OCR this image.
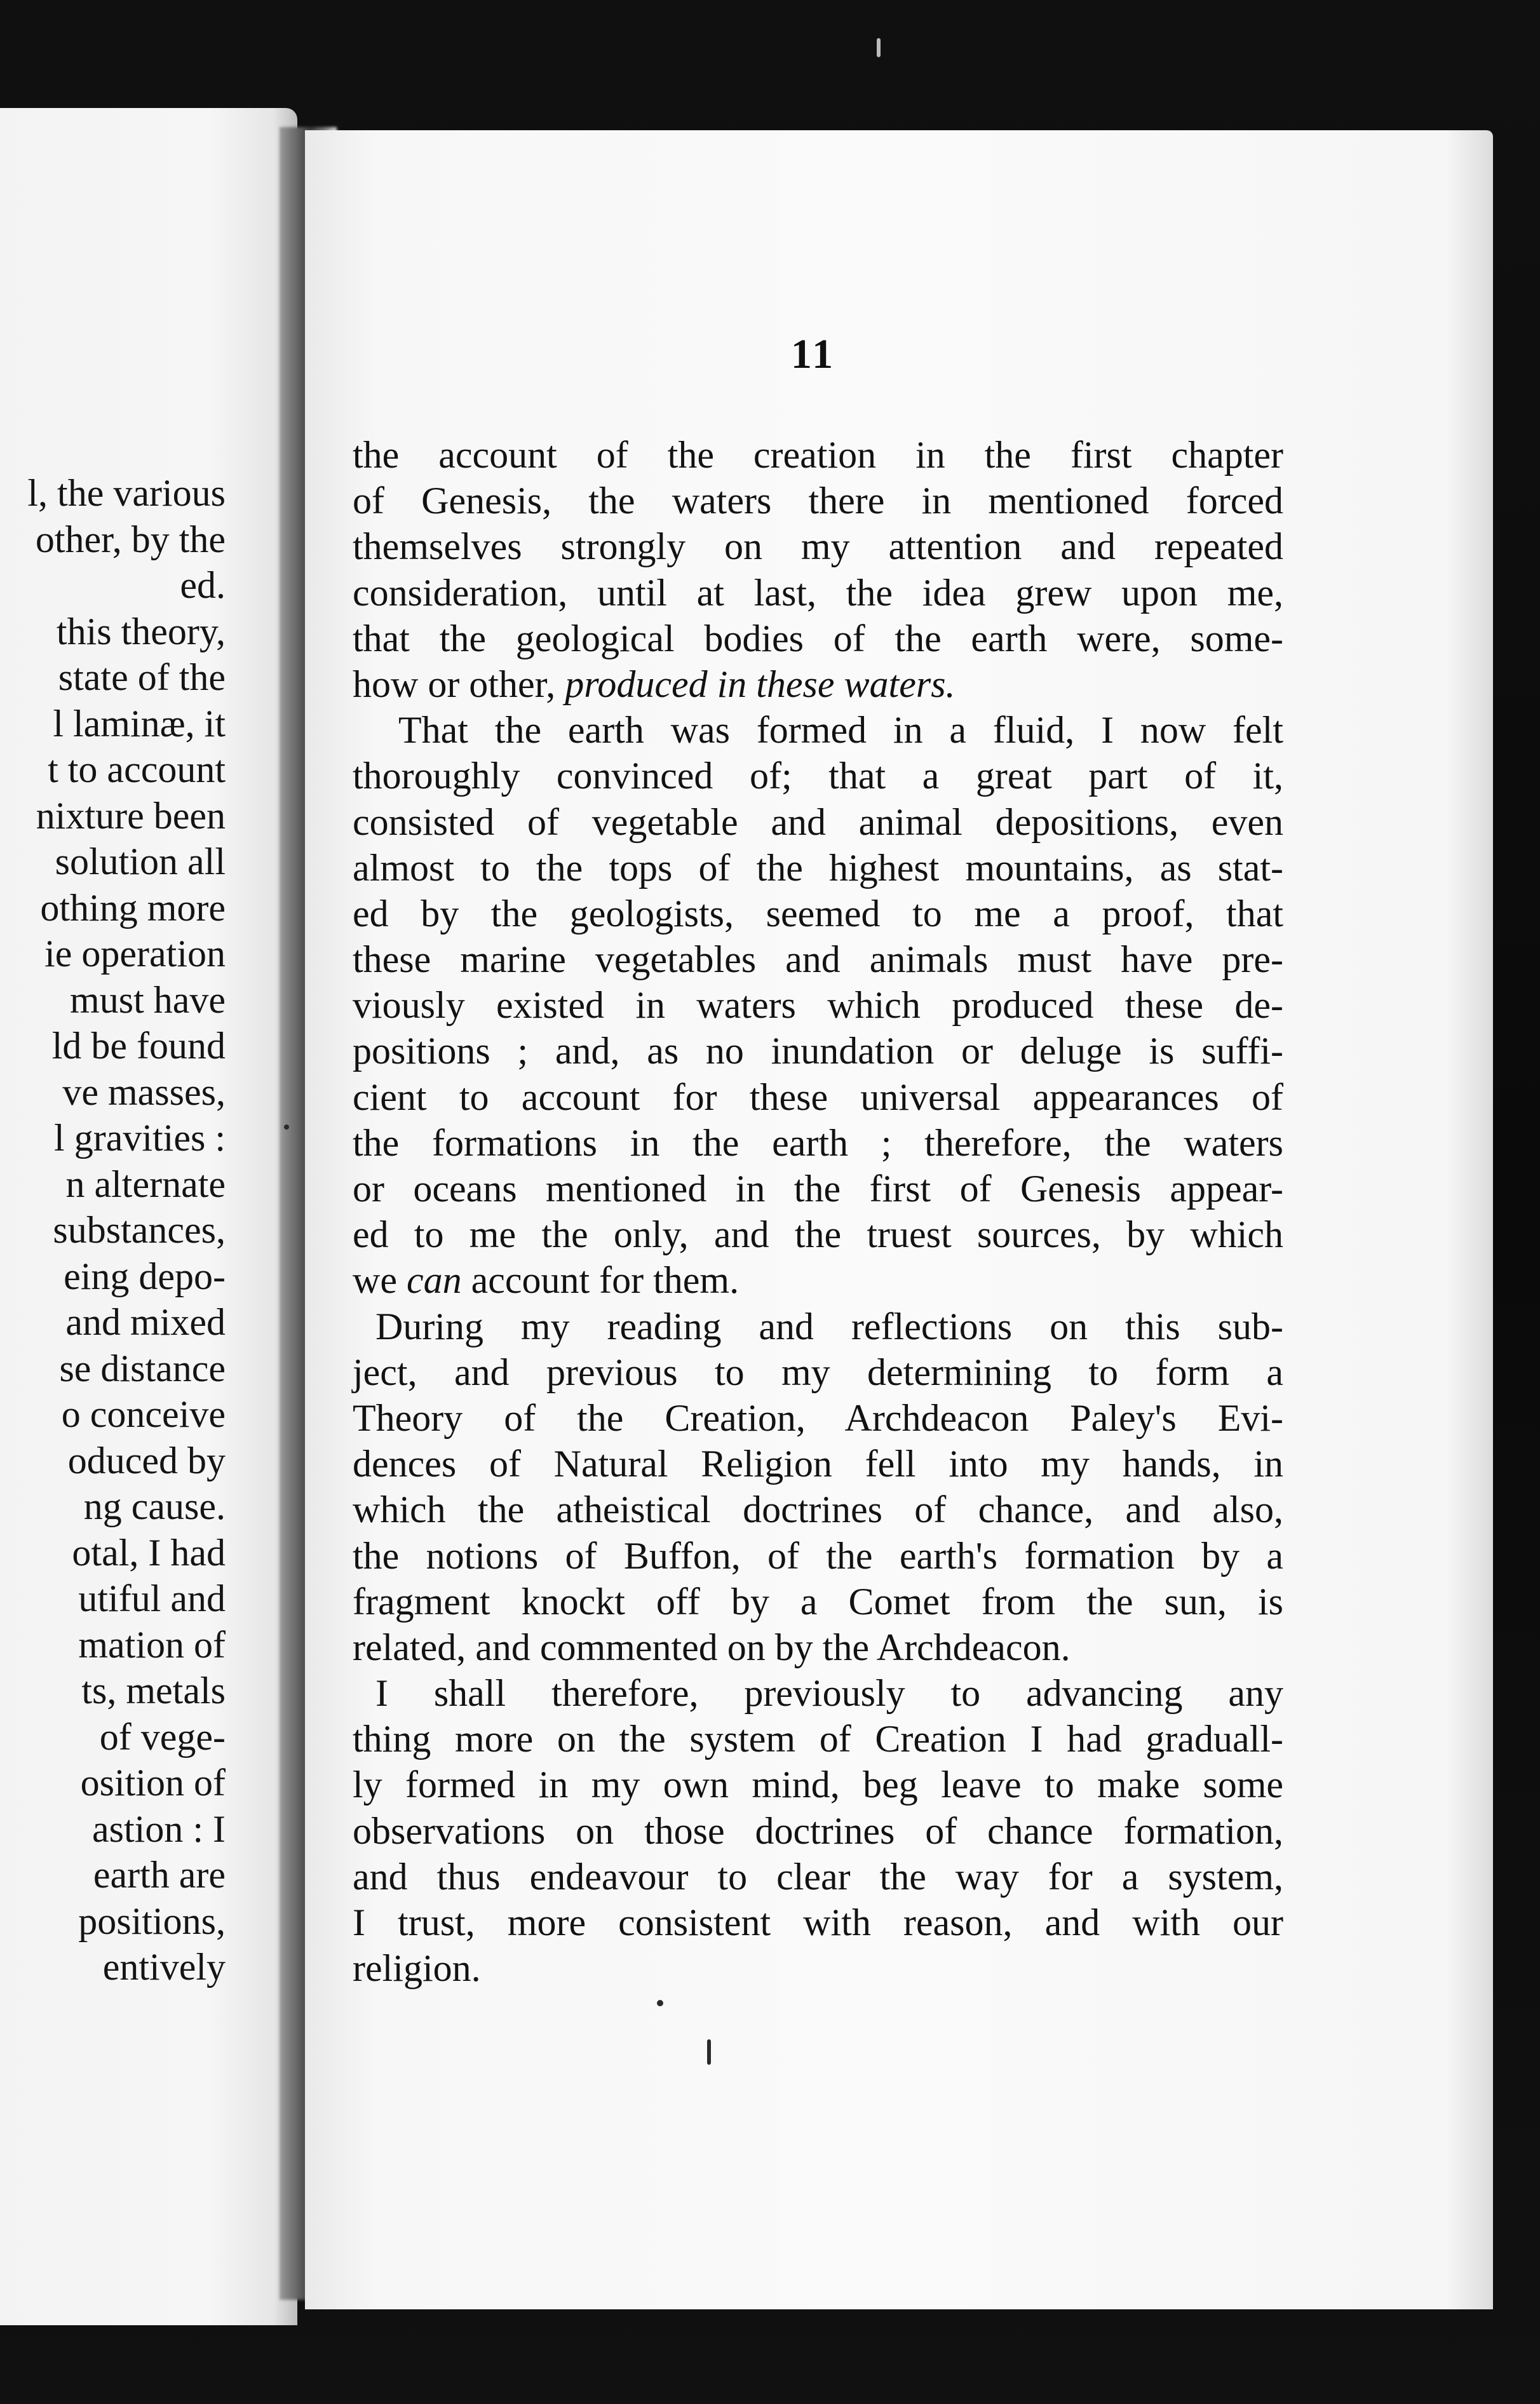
l, the various
other, by the
ed.
this theory,
state of the
l laminæ, it
t to account
nixture been
solution all
othing more
ie operation
must have
ld be found
ve masses,
l gravities :
n alternate
substances,
eing depo-
and mixed
se distance
o conceive
oduced by
ng cause.
otal, I had
utiful and
mation of
ts, metals
of vege-
osition of
astion : I
earth are
positions,
entively
11
the account of the creation in the first chapter
of Genesis, the waters there in mentioned forced
themselves strongly on my attention and repeated
consideration, until at last, the idea grew upon me,
that the geological bodies of the earth were, some-
how or other, produced in these waters.
That the earth was formed in a fluid, I now felt
thoroughly convinced of; that a great part of it,
consisted of vegetable and animal depositions, even
almost to the tops of the highest mountains, as stat-
ed by the geologists, seemed to me a proof, that
these marine vegetables and animals must have pre-
viously existed in waters which produced these de-
positions ; and, as no inundation or deluge is suffi-
cient to account for these universal appearances of
the formations in the earth ; therefore, the waters
or oceans mentioned in the first of Genesis appear-
ed to me the only, and the truest sources, by which
we can account for them.
During my reading and reflections on this sub-
ject, and previous to my determining to form a
Theory of the Creation, Archdeacon Paley's Evi-
dences of Natural Religion fell into my hands, in
which the atheistical doctrines of chance, and also,
the notions of Buffon, of the earth's formation by a
fragment knockt off by a Comet from the sun, is
related, and commented on by the Archdeacon.
I shall therefore, previously to advancing any
thing more on the system of Creation I had graduall-
ly formed in my own mind, beg leave to make some
observations on those doctrines of chance formation,
and thus endeavour to clear the way for a system,
I trust, more consistent with reason, and with our
religion.
